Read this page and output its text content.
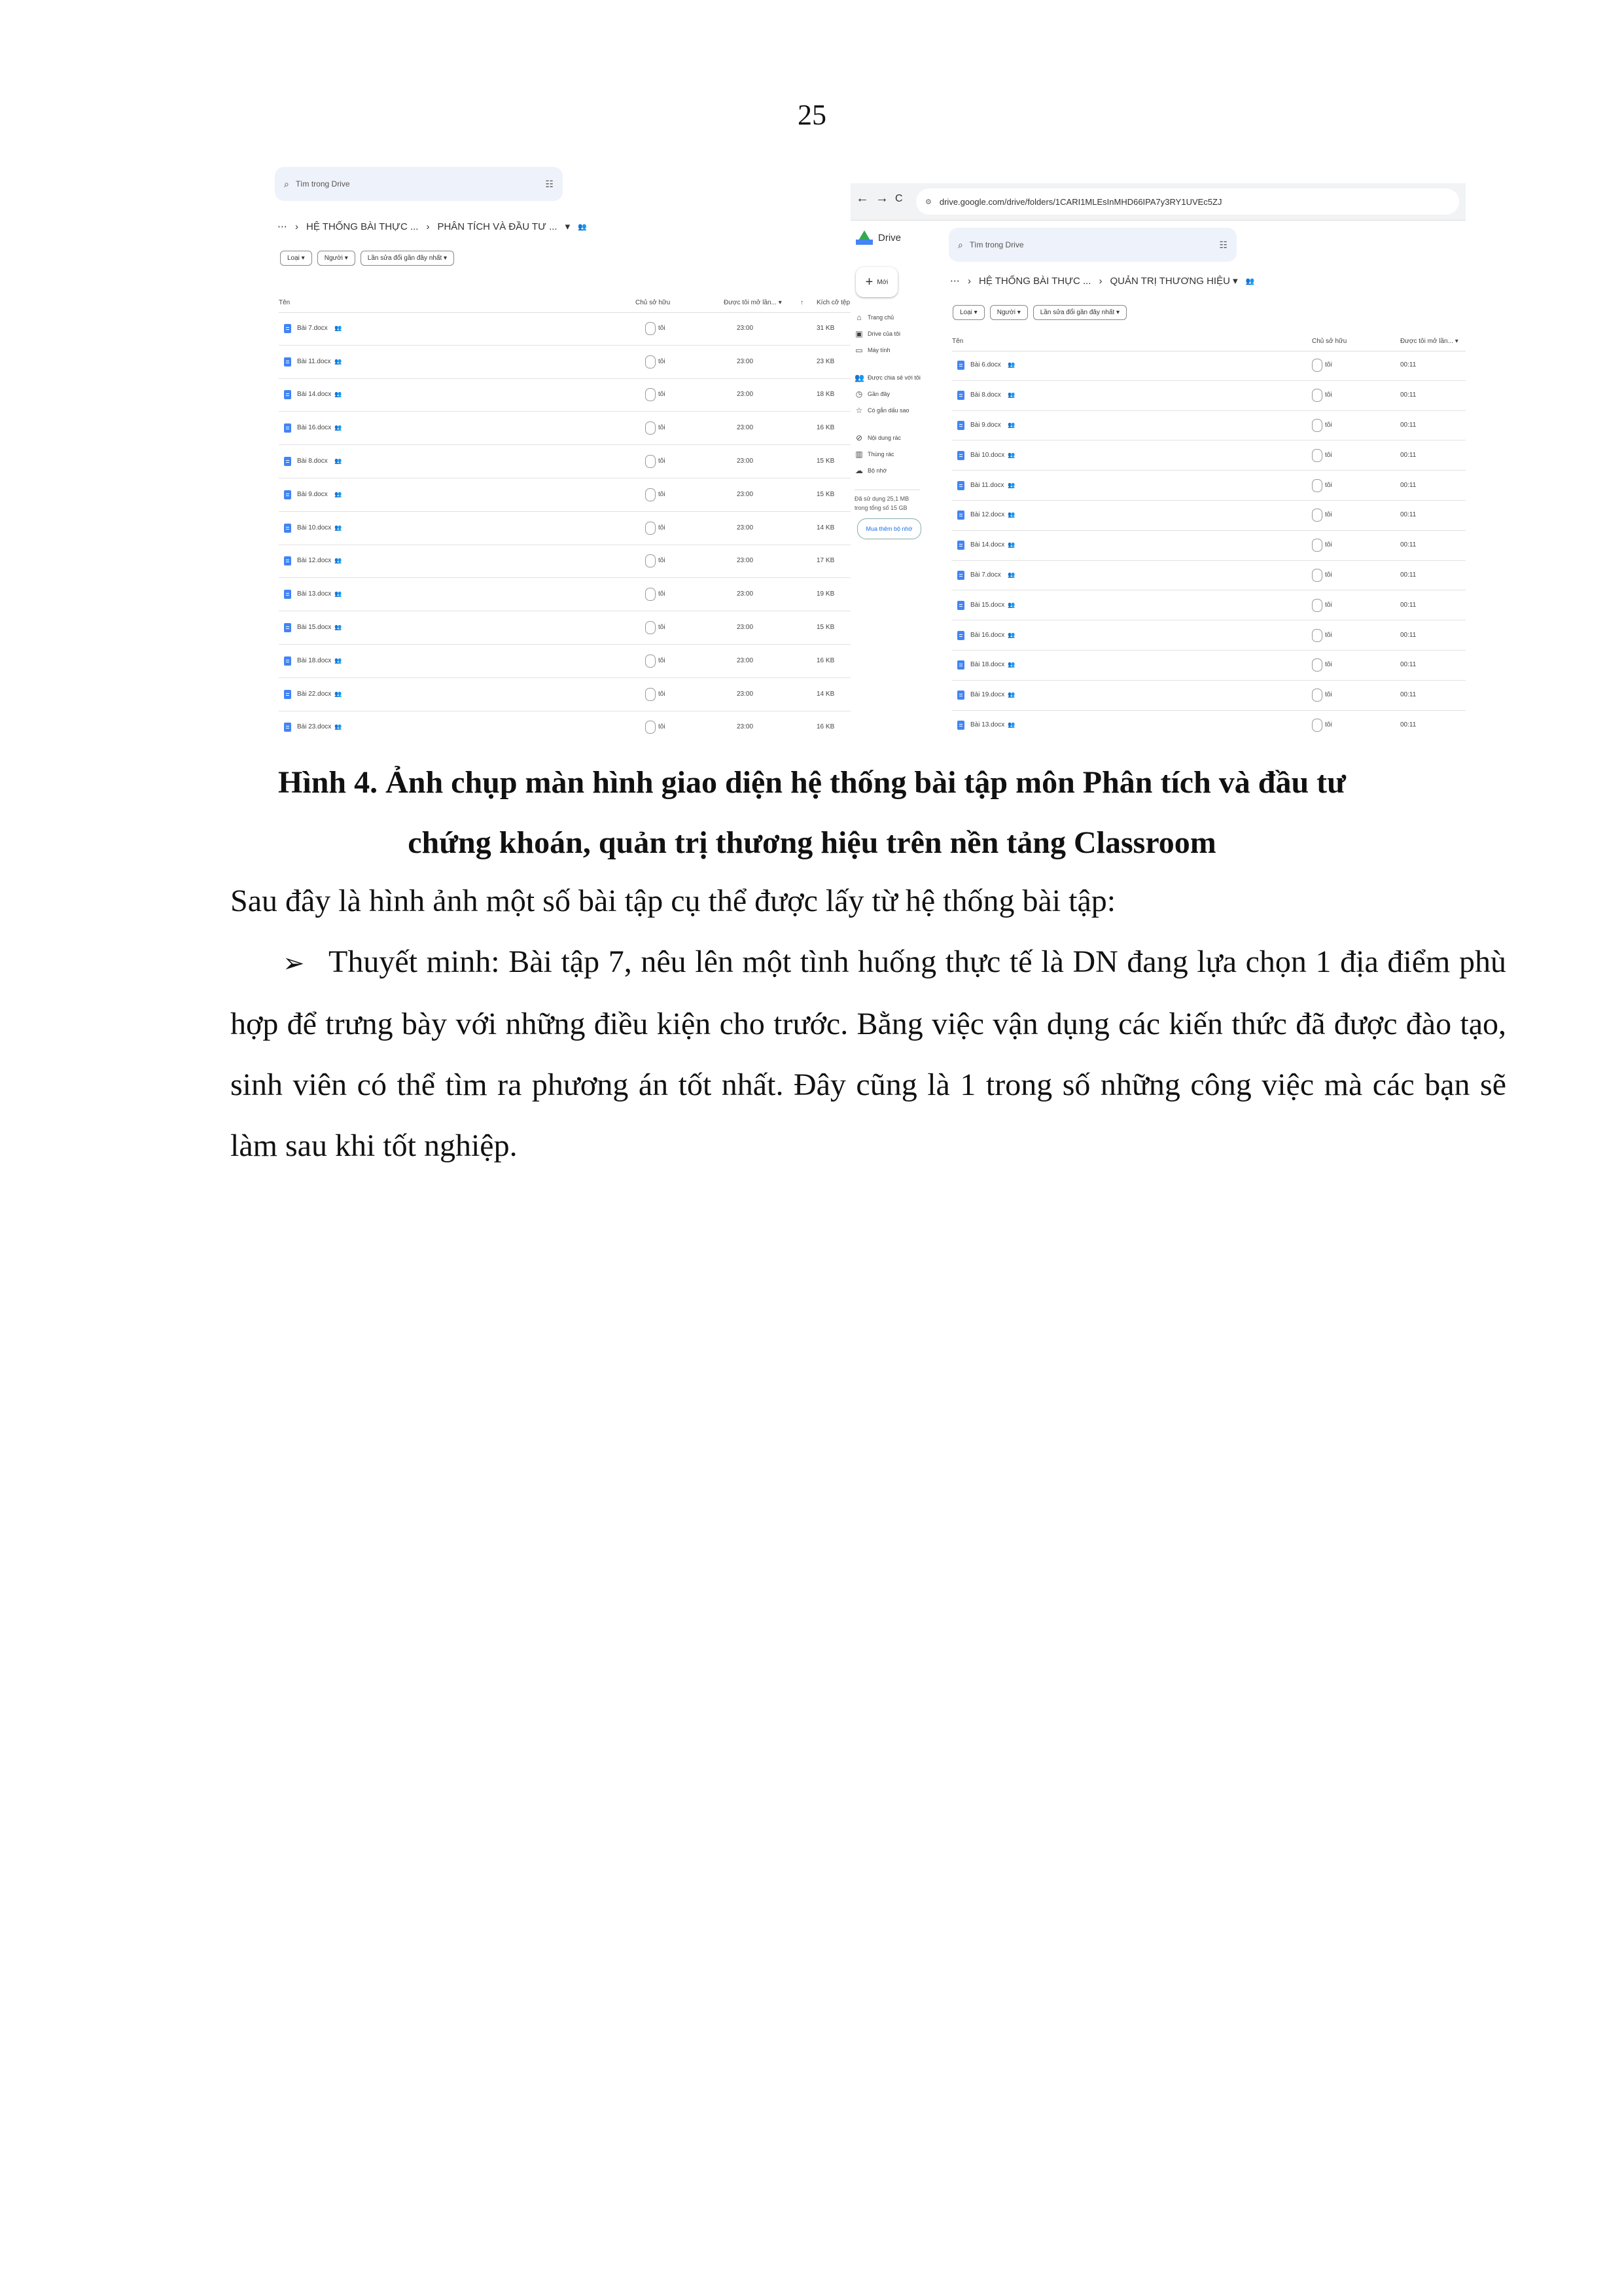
25
⌕ Tìm trong Drive	☷
⋯ › HỆ THỐNG BÀI THỰC ... › PHÂN TÍCH VÀ ĐẦU TƯ ... ▾ 👥
Loại ▾	Người ▾	Lần sửa đổi gần đây nhất ▾
Tên	Chủ sở hữu	Được tôi mở lần... ▾	↑ Kích cỡ tệp
Bài 7.docx 👥	tôi	23:00	31 KB
Bài 11.docx 👥	tôi	23:00	23 KB
Bài 14.docx 👥	tôi	23:00	18 KB
Bài 16.docx 👥	tôi	23:00	16 KB
Bài 8.docx 👥	tôi	23:00	15 KB
Bài 9.docx 👥	tôi	23:00	15 KB
Bài 10.docx 👥	tôi	23:00	14 KB
Bài 12.docx 👥	tôi	23:00	17 KB
Bài 13.docx 👥	tôi	23:00	19 KB
Bài 15.docx 👥	tôi	23:00	15 KB
Bài 18.docx 👥	tôi	23:00	16 KB
Bài 22.docx 👥	tôi	23:00	14 KB
Bài 23.docx 👥	tôi	23:00	16 KB
← → C	⚙ drive.google.com/drive/folders/1CARI1MLEsInMHD66IPA7y3RY1UVEc5ZJ
Drive
⌕ Tìm trong Drive	☷
+ Mới
⌂	Trang chủ
▣ Drive của tôi
▭ Máy tính
👥 Được chia sẻ với tôi
◷ Gần đây
☆ Có gắn dấu sao
⊘ Nội dung rác
▥ Thùng rác
☁ Bộ nhớ
Đã sử dụng 25,1 MB trong tổng số 15 GB
Mua thêm bộ nhớ
⋯ › HỆ THỐNG BÀI THỰC ... › QUẢN TRỊ THƯƠNG HIỆU ▾ 👥
Loại ▾	Người ▾	Lần sửa đổi gần đây nhất ▾
Tên	Chủ sở hữu	Được tôi mở lần... ▾
Bài 6.docx 👥	tôi	00:11
Bài 8.docx 👥	tôi	00:11
Bài 9.docx 👥	tôi	00:11
Bài 10.docx 👥	tôi	00:11
Bài 11.docx 👥	tôi	00:11
Bài 12.docx 👥	tôi	00:11
Bài 14.docx 👥	tôi	00:11
Bài 7.docx 👥	tôi	00:11
Bài 15.docx 👥	tôi	00:11
Bài 16.docx 👥	tôi	00:11
Bài 18.docx 👥	tôi	00:11
Bài 19.docx 👥	tôi	00:11
Bài 13.docx 👥	tôi	00:11
Hình 4. Ảnh chụp màn hình giao diện hệ thống bài tập môn Phân tích và đầu tư
chứng khoán, quản trị thương hiệu trên nền tảng Classroom
Sau đây là hình ảnh một số bài tập cụ thể được lấy từ hệ thống bài tập:
➢ Thuyết minh: Bài tập 7, nêu lên một tình huống thực tế là DN đang lựa chọn 1 địa điểm phù hợp để trưng bày với những điều kiện cho trước. Bằng việc vận dụng các kiến thức đã được đào tạo, sinh viên có thể tìm ra phương án tốt nhất. Đây cũng là 1 trong số những công việc mà các bạn sẽ làm sau khi tốt nghiệp.
